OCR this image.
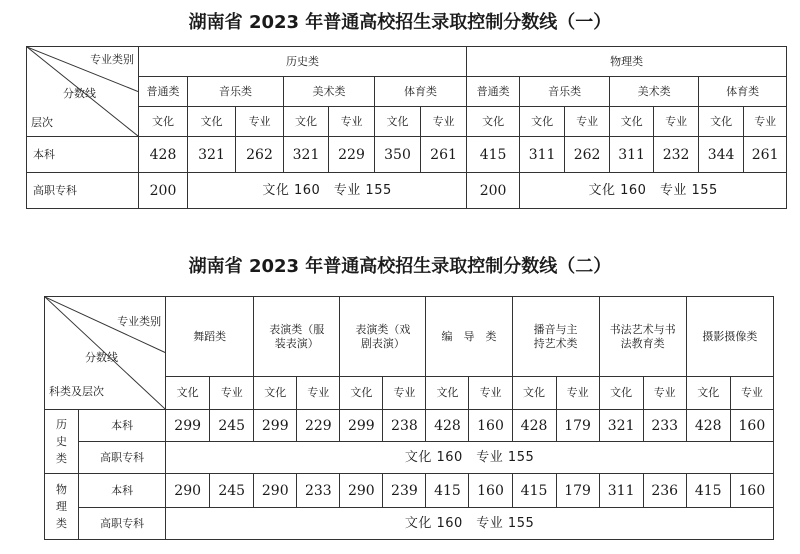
湖南省 2023 年普通高校招生录取控制分数线（一）
专业类别
分数线
层次	历史类							物理类						
	普通类	音乐类		美术类		体育类		普通类	音乐类		美术类		体育类	
	文化	文化	专业	文化	专业	文化	专业	文化	文化	专业	文化	专业	文化	专业
本科	428	321	262	321	229	350	261	415	311	262	311	232	344	261
高职专科	200	文化 160　专业 155						200	文化 160　专业 155					
湖南省 2023 年普通高校招生录取控制分数线（二）
专业类别
分数线
科类及层次		舞蹈类		表演类（服装表演）		表演类（戏剧表演）		编　导　类		播音与主持艺术类		书法艺术与书法教育类		摄影摄像类	
		文化	专业	文化	专业	文化	专业	文化	专业	文化	专业	文化	专业	文化	专业
历史类	本科	299	245	299	229	299	238	428	160	428	179	321	233	428	160
	高职专科	文化 160　专业 155													
物理类	本科	290	245	290	233	290	239	415	160	415	179	311	236	415	160
	高职专科	文化 160　专业 155													
